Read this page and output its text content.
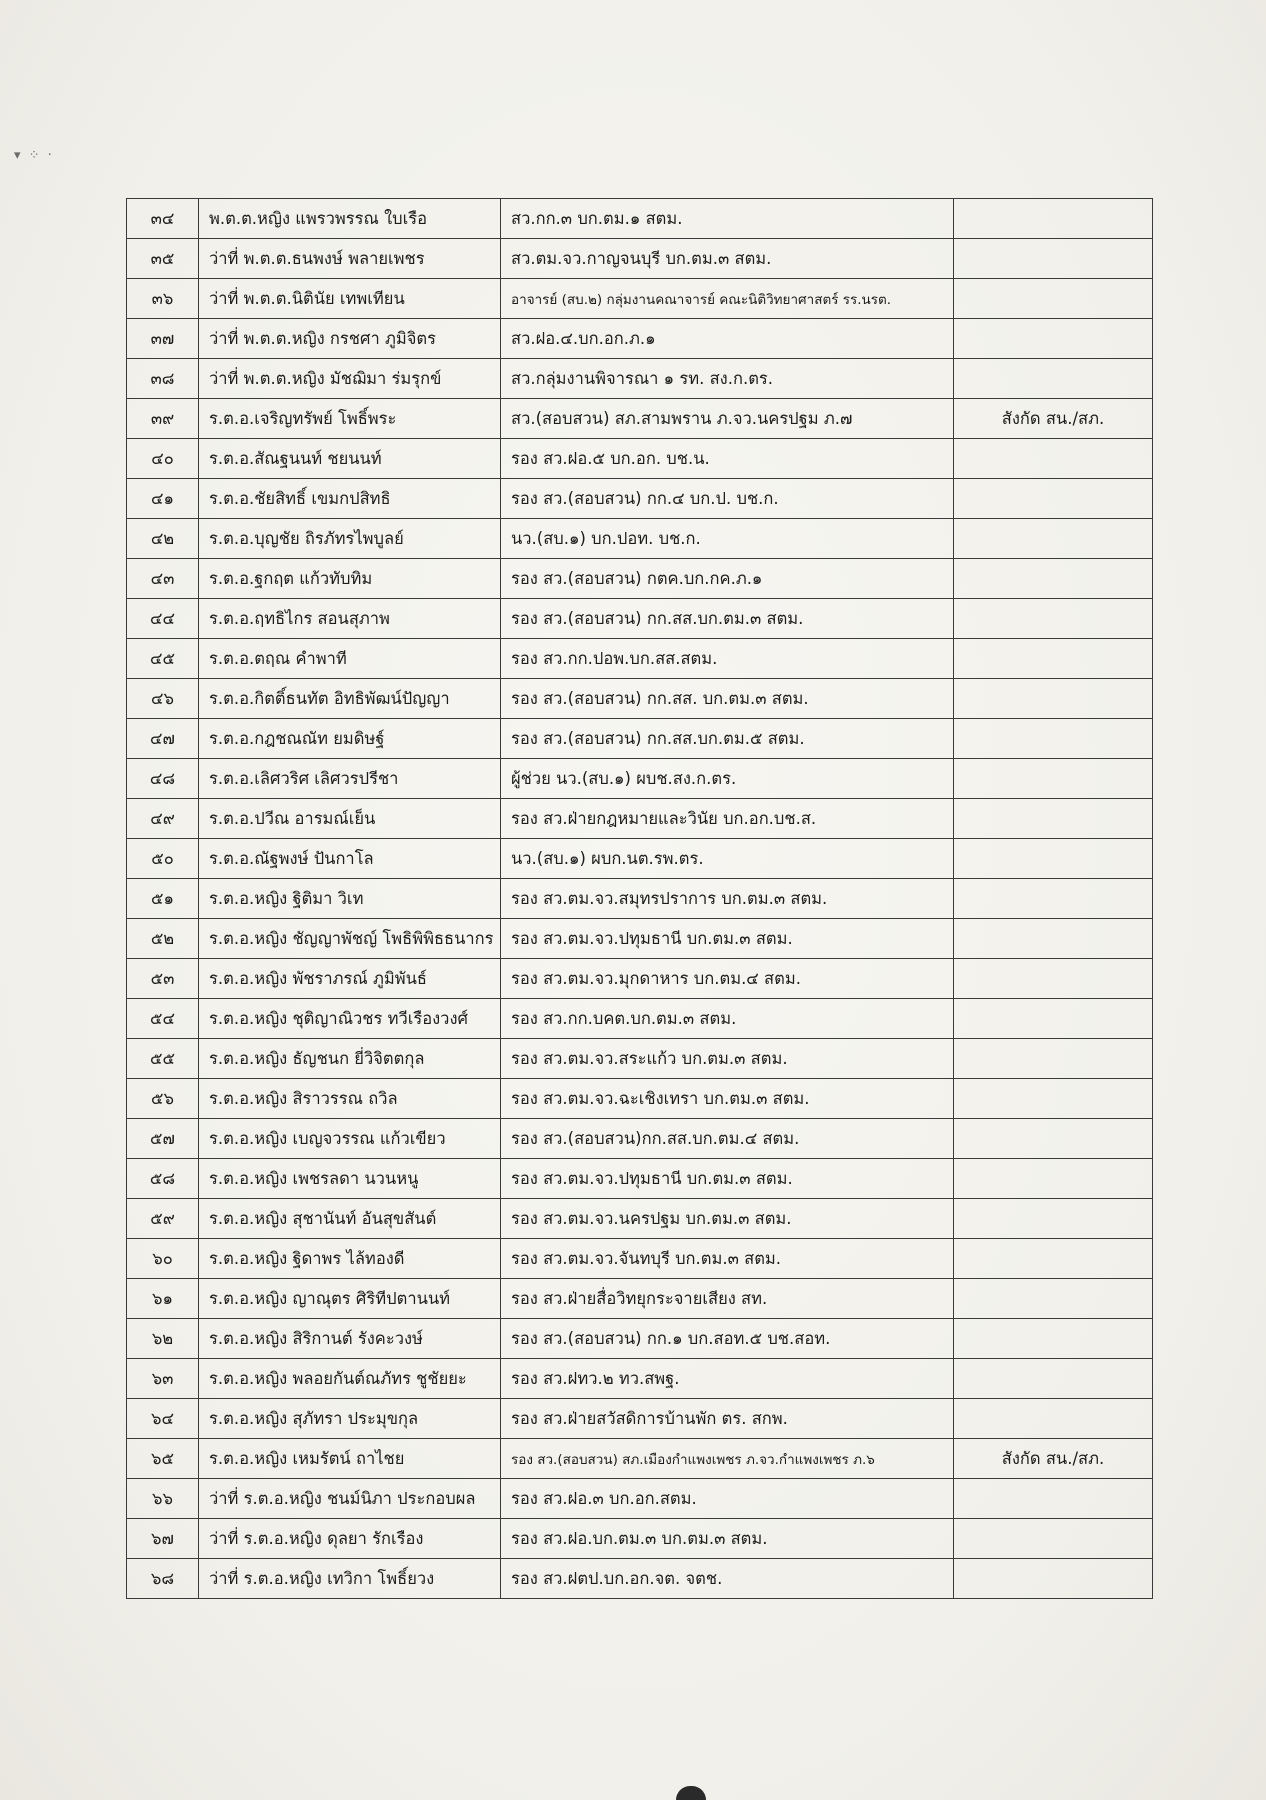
▾ ⁘ ·
๓๔	พ.ต.ต.หญิง แพรวพรรณ ใบเรือ	สว.กก.๓ บก.ตม.๑ สตม.	
๓๕	ว่าที่ พ.ต.ต.ธนพงษ์ พลายเพชร	สว.ตม.จว.กาญจนบุรี บก.ตม.๓ สตม.	
๓๖	ว่าที่ พ.ต.ต.นิตินัย เทพเทียน	อาจารย์ (สบ.๒) กลุ่มงานคณาจารย์ คณะนิติวิทยาศาสตร์ รร.นรต.	
๓๗	ว่าที่ พ.ต.ต.หญิง กรชศา ภูมิจิตร	สว.ฝอ.๔.บก.อก.ภ.๑	
๓๘	ว่าที่ พ.ต.ต.หญิง มัชฌิมา ร่มรุกข์	สว.กลุ่มงานพิจารณา ๑ รท. สง.ก.ตร.	
๓๙	ร.ต.อ.เจริญทรัพย์ โพธิ์พระ	สว.(สอบสวน) สภ.สามพราน ภ.จว.นครปฐม ภ.๗	สังกัด สน./สภ.
๔๐	ร.ต.อ.สัณฐนนท์ ชยนนท์	รอง สว.ฝอ.๕ บก.อก. บช.น.	
๔๑	ร.ต.อ.ชัยสิทธิ์ เขมกปสิทธิ	รอง สว.(สอบสวน) กก.๔ บก.ป. บช.ก.	
๔๒	ร.ต.อ.บุญชัย ถิรภัทรไพบูลย์	นว.(สบ.๑) บก.ปอท. บช.ก.	
๔๓	ร.ต.อ.ฐกฤต แก้วทับทิม	รอง สว.(สอบสวน) กตค.บก.กค.ภ.๑	
๔๔	ร.ต.อ.ฤทธิไกร สอนสุภาพ	รอง สว.(สอบสวน) กก.สส.บก.ตม.๓ สตม.	
๔๕	ร.ต.อ.ตฤณ คำพาที	รอง สว.กก.ปอพ.บก.สส.สตม.	
๔๖	ร.ต.อ.กิตติ์ธนทัต อิทธิพัฒน์ปัญญา	รอง สว.(สอบสวน) กก.สส. บก.ตม.๓ สตม.	
๔๗	ร.ต.อ.กฎชณณัท ยมดิษฐ์	รอง สว.(สอบสวน) กก.สส.บก.ตม.๕ สตม.	
๔๘	ร.ต.อ.เลิศวริศ เลิศวรปรีชา	ผู้ช่วย นว.(สบ.๑) ผบช.สง.ก.ตร.	
๔๙	ร.ต.อ.ปวีณ อารมณ์เย็น	รอง สว.ฝ่ายกฎหมายและวินัย บก.อก.บช.ส.	
๕๐	ร.ต.อ.ณัฐพงษ์ ปันกาโล	นว.(สบ.๑) ผบก.นต.รพ.ตร.	
๕๑	ร.ต.อ.หญิง ฐิติมา วิเท	รอง สว.ตม.จว.สมุทรปราการ บก.ตม.๓ สตม.	
๕๒	ร.ต.อ.หญิง ชัญญาพัชญ์ โพธิพิพิธธนากร	รอง สว.ตม.จว.ปทุมธานี บก.ตม.๓ สตม.	
๕๓	ร.ต.อ.หญิง พัชราภรณ์ ภูมิพันธ์	รอง สว.ตม.จว.มุกดาหาร บก.ตม.๔ สตม.	
๕๔	ร.ต.อ.หญิง ชุติญาณิวชร ทวีเรืองวงศ์	รอง สว.กก.บคต.บก.ตม.๓ สตม.	
๕๕	ร.ต.อ.หญิง ธัญชนก ยี่วิจิตตกุล	รอง สว.ตม.จว.สระแก้ว บก.ตม.๓ สตม.	
๕๖	ร.ต.อ.หญิง สิราวรรณ ถวิล	รอง สว.ตม.จว.ฉะเชิงเทรา บก.ตม.๓ สตม.	
๕๗	ร.ต.อ.หญิง เบญจวรรณ แก้วเขียว	รอง สว.(สอบสวน)กก.สส.บก.ตม.๔ สตม.	
๕๘	ร.ต.อ.หญิง เพชรลดา นวนหนู	รอง สว.ตม.จว.ปทุมธานี บก.ตม.๓ สตม.	
๕๙	ร.ต.อ.หญิง สุชานันท์ อันสุขสันต์	รอง สว.ตม.จว.นครปฐม บก.ตม.๓ สตม.	
๖๐	ร.ต.อ.หญิง ฐิดาพร ไล้ทองดี	รอง สว.ตม.จว.จันทบุรี บก.ตม.๓ สตม.	
๖๑	ร.ต.อ.หญิง ญาณุตร ศิริทีปตานนท์	รอง สว.ฝ่ายสื่อวิทยุกระจายเสียง สท.	
๖๒	ร.ต.อ.หญิง สิริกานต์ รังคะวงษ์	รอง สว.(สอบสวน) กก.๑ บก.สอท.๕ บช.สอท.	
๖๓	ร.ต.อ.หญิง พลอยกันต์ณภัทร ชูชัยยะ	รอง สว.ฝทว.๒ ทว.สพฐ.	
๖๔	ร.ต.อ.หญิง สุภัทรา ประมุขกุล	รอง สว.ฝ่ายสวัสดิการบ้านพัก ตร. สกพ.	
๖๕	ร.ต.อ.หญิง เหมรัตน์ ถาไชย	รอง สว.(สอบสวน) สภ.เมืองกำแพงเพชร ภ.จว.กำแพงเพชร ภ.๖	สังกัด สน./สภ.
๖๖	ว่าที่ ร.ต.อ.หญิง ชนม์นิภา ประกอบผล	รอง สว.ฝอ.๓ บก.อก.สตม.	
๖๗	ว่าที่ ร.ต.อ.หญิง ดุลยา รักเรือง	รอง สว.ฝอ.บก.ตม.๓ บก.ตม.๓ สตม.	
๖๘	ว่าที่ ร.ต.อ.หญิง เทวิกา โพธิ์ยวง	รอง สว.ฝตป.บก.อก.จต. จตช.	
